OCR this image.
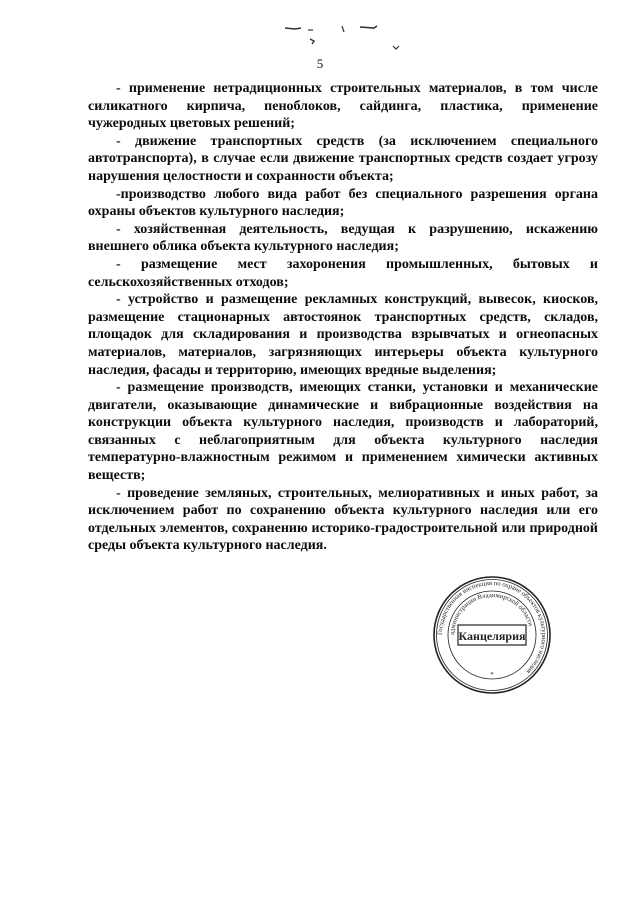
5

- применение нетрадиционных строительных материалов, в том числе силикатного кирпича, пеноблоков, сайдинга, пластика, применение чужеродных цветовых решений;

- движение транспортных средств (за исключением специального автотранспорта), в случае если движение транспортных средств создает угрозу нарушения целостности и сохранности объекта;

-производство любого вида работ без специального разрешения органа охраны объектов культурного наследия;

- хозяйственная деятельность, ведущая к разрушению, искажению внешнего облика объекта культурного наследия;

- размещение мест захоронения промышленных, бытовых и сельскохозяйственных отходов;

- устройство и размещение рекламных конструкций, вывесок, киосков, размещение стационарных автостоянок транспортных средств, складов, площадок для складирования и производства взрывчатых и огнеопасных материалов, материалов, загрязняющих интерьеры объекта культурного наследия, фасады и территорию, имеющих вредные выделения;

- размещение производств, имеющих станки, установки и механические двигатели, оказывающие динамические и вибрационные воздействия на конструкции объекта культурного наследия, производств и лабораторий, связанных с неблагоприятным для объекта культурного наследия температурно-влажностным режимом и применением химически активных веществ;

- проведение земляных, строительных, мелиоративных и иных работ, за исключением работ по сохранению объекта культурного наследия или его отдельных элементов, сохранению историко-градостроительной или природной среды объекта культурного наследия.

Государственная инспекция по охране объектов культурного наследия
администрации Владимирской области
Канцелярия
*
